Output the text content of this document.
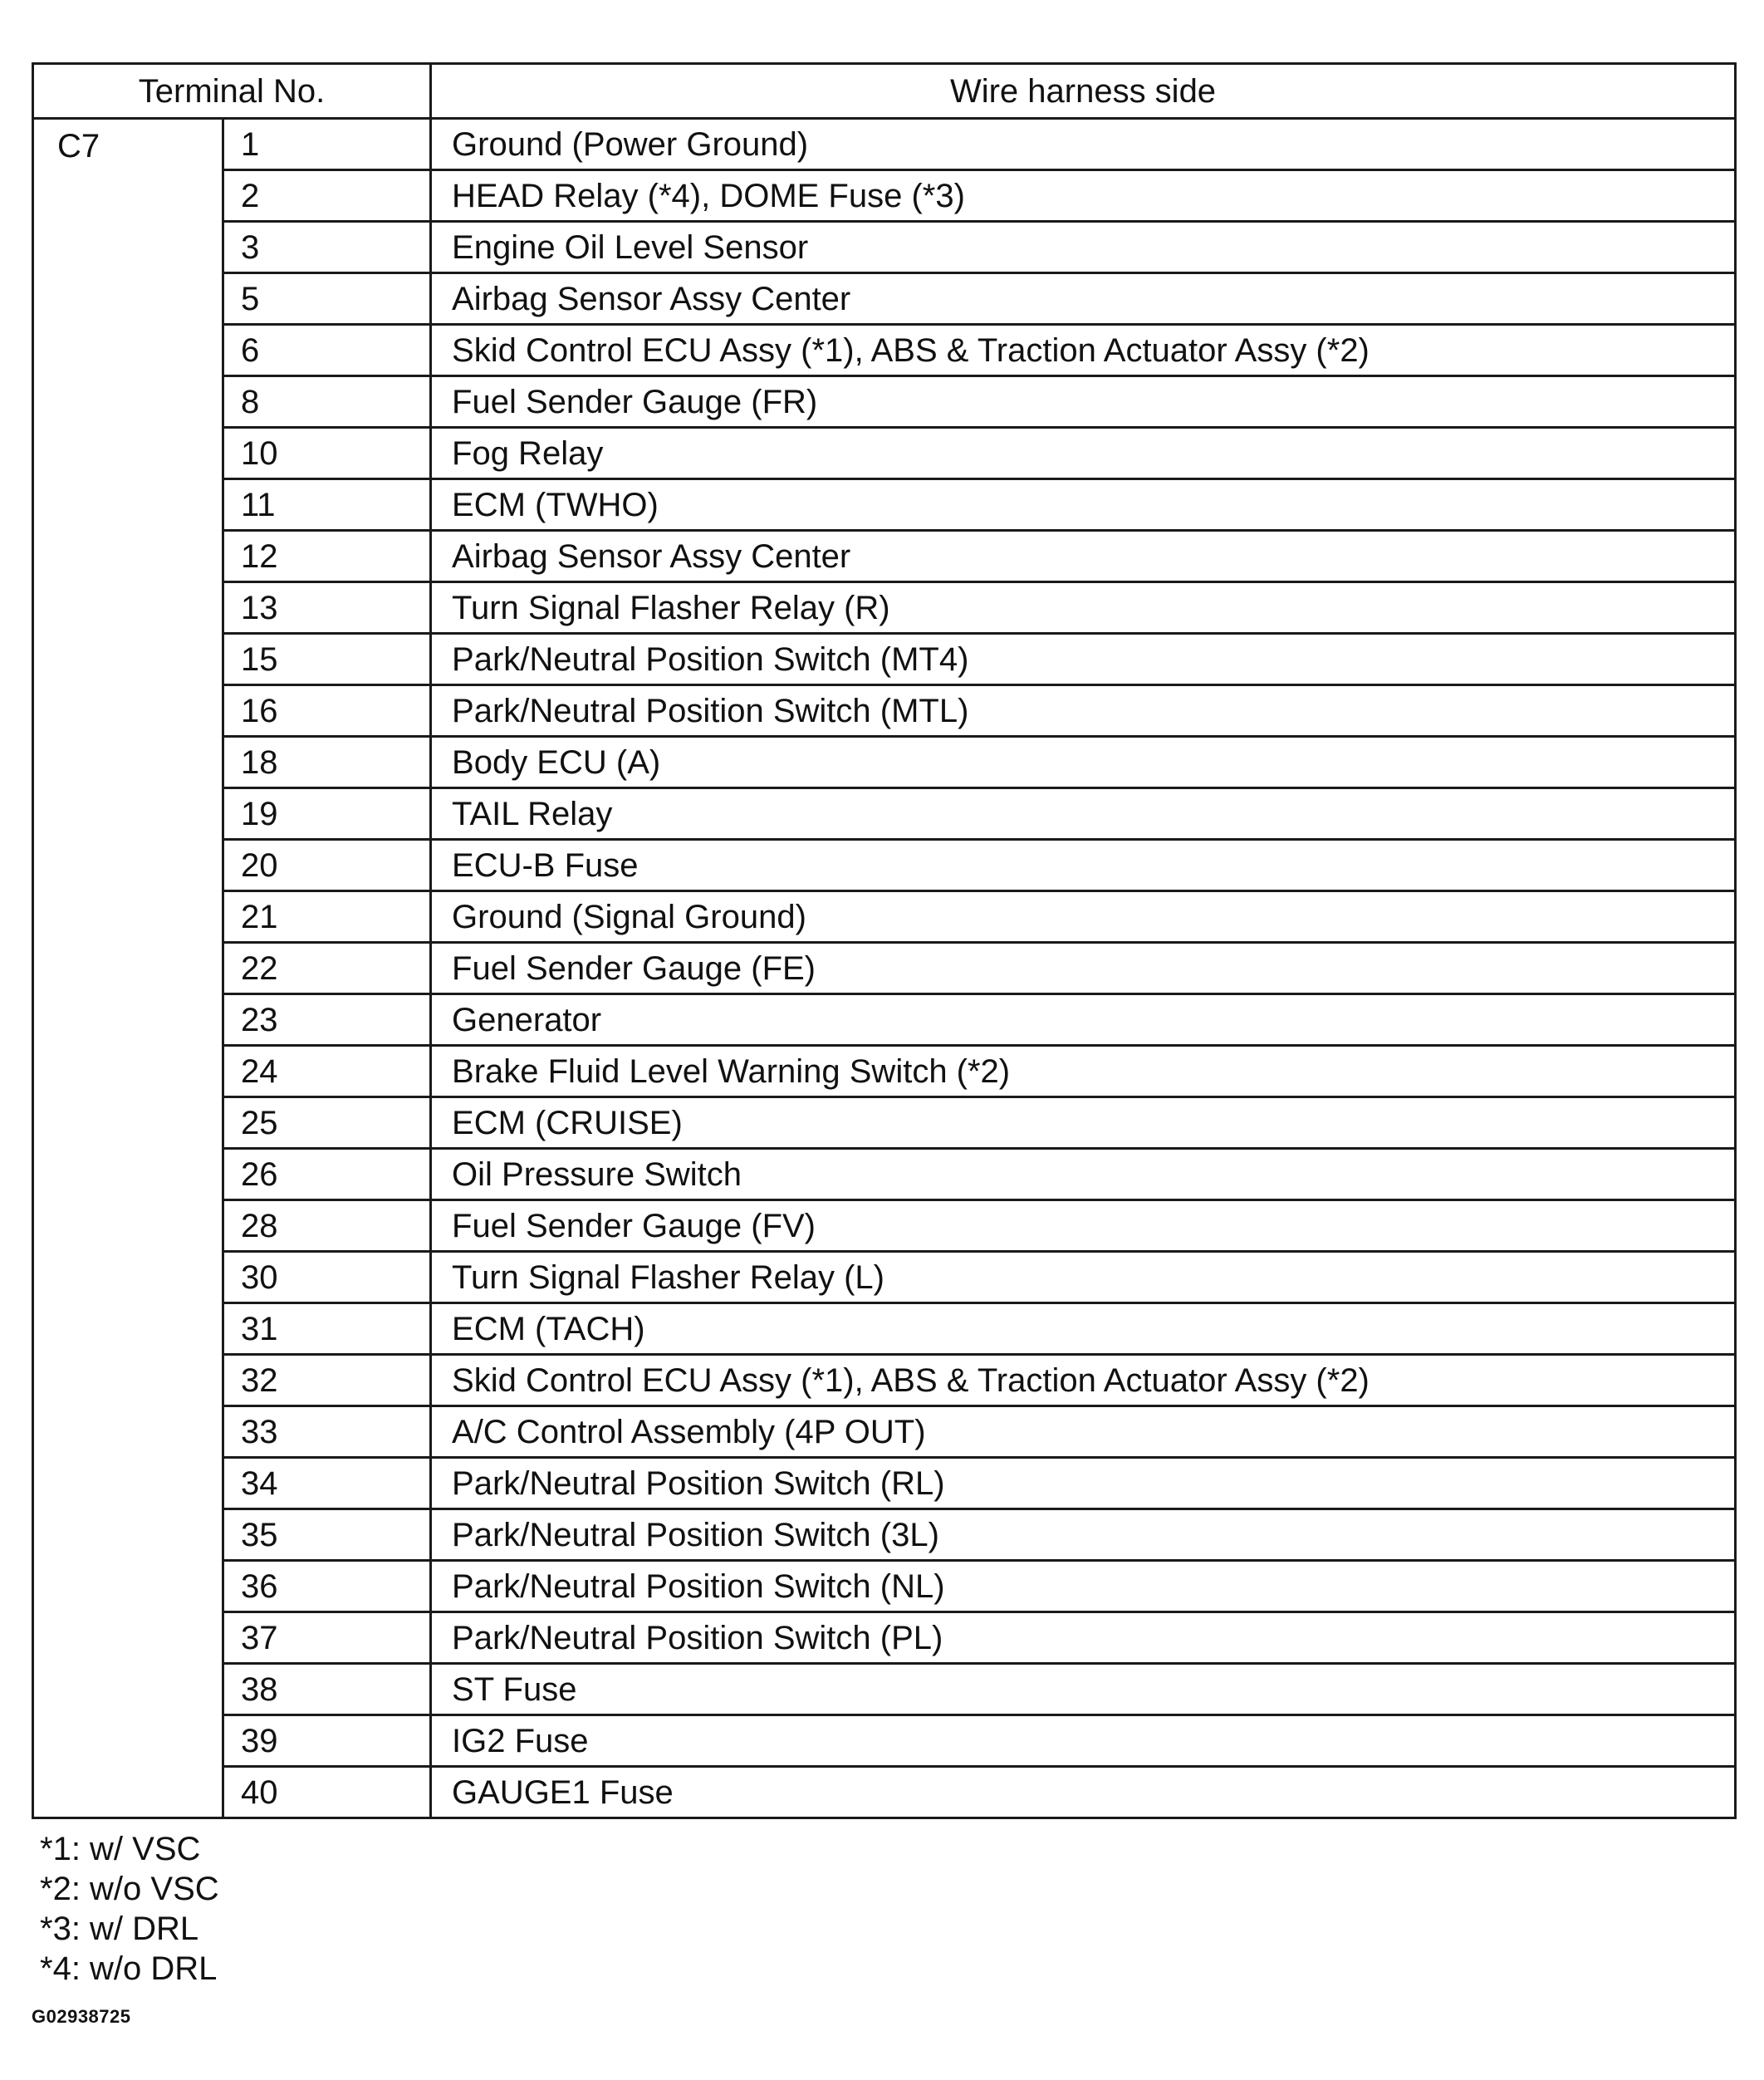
Terminal No.		Wire harness side
C7	1	Ground (Power Ground)
	2	HEAD Relay (*4), DOME Fuse (*3)
	3	Engine Oil Level Sensor
	5	Airbag Sensor Assy Center
	6	Skid Control ECU Assy (*1), ABS & Traction Actuator Assy (*2)
	8	Fuel Sender Gauge (FR)
	10	Fog Relay
	11	ECM (TWHO)
	12	Airbag Sensor Assy Center
	13	Turn Signal Flasher Relay (R)
	15	Park/Neutral Position Switch (MT4)
	16	Park/Neutral Position Switch (MTL)
	18	Body ECU (A)
	19	TAIL Relay
	20	ECU-B Fuse
	21	Ground (Signal Ground)
	22	Fuel Sender Gauge (FE)
	23	Generator
	24	Brake Fluid Level Warning Switch (*2)
	25	ECM (CRUISE)
	26	Oil Pressure Switch
	28	Fuel Sender Gauge (FV)
	30	Turn Signal Flasher Relay (L)
	31	ECM (TACH)
	32	Skid Control ECU Assy (*1), ABS & Traction Actuator Assy (*2)
	33	A/C Control Assembly (4P OUT)
	34	Park/Neutral Position Switch (RL)
	35	Park/Neutral Position Switch (3L)
	36	Park/Neutral Position Switch (NL)
	37	Park/Neutral Position Switch (PL)
	38	ST Fuse
	39	IG2 Fuse
	40	GAUGE1 Fuse
*1: w/ VSC
*2: w/o VSC
*3: w/ DRL
*4: w/o DRL
G02938725
